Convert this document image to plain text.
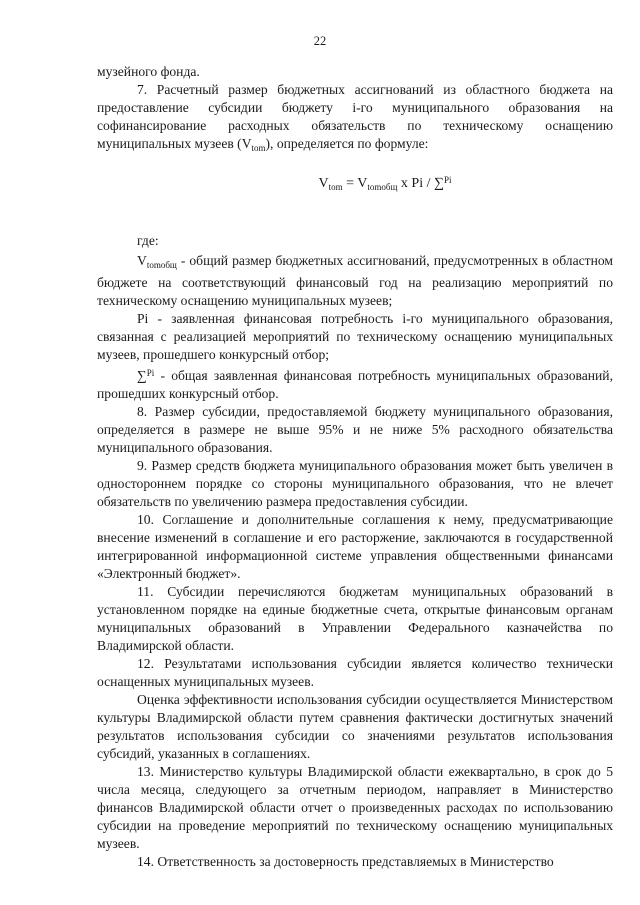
22

музейного фонда.

7. Расчетный размер бюджетных ассигнований из областного бюджета на предоставление субсидии бюджету i-го муниципального образования на софинансирование расходных обязательств по техническому оснащению муниципальных музеев $(V_{tom})$, определяется по формуле:

$V_{tom} = V_{tomобщ}$ x Pi / ∑$^{Pi}$

где:

$V_{tomобщ}$ - общий размер бюджетных ассигнований, предусмотренных в областном бюджете на соответствующий финансовый год на реализацию мероприятий по техническому оснащению муниципальных музеев;

Pi - заявленная финансовая потребность i-го муниципального образования, связанная с реализацией мероприятий по техническому оснащению муниципальных музеев, прошедшего конкурсный отбор;

∑$^{Pi}$ - общая заявленная финансовая потребность муниципальных образований, прошедших конкурсный отбор.

8. Размер субсидии, предоставляемой бюджету муниципального образования, определяется в размере не выше 95% и не ниже 5% расходного обязательства муниципального образования.

9. Размер средств бюджета муниципального образования может быть увеличен в одностороннем порядке со стороны муниципального образования, что не влечет обязательств по увеличению размера предоставления субсидии.

10. Соглашение и дополнительные соглашения к нему, предусматривающие внесение изменений в соглашение и его расторжение, заключаются в государственной интегрированной информационной системе управления общественными финансами «Электронный бюджет».

11. Субсидии перечисляются бюджетам муниципальных образований в установленном порядке на единые бюджетные счета, открытые финансовым органам муниципальных образований в Управлении Федерального казначейства по Владимирской области.

12. Результатами использования субсидии является количество технически оснащенных муниципальных музеев.

Оценка эффективности использования субсидии осуществляется Министерством культуры Владимирской области путем сравнения фактически достигнутых значений результатов использования субсидии со значениями результатов использования субсидий, указанных в соглашениях.

13. Министерство культуры Владимирской области ежеквартально, в срок до 5 числа месяца, следующего за отчетным периодом, направляет в Министерство финансов Владимирской области отчет о произведенных расходах по использованию субсидии на проведение мероприятий по техническому оснащению муниципальных музеев.

14. Ответственность за достоверность представляемых в Министерство
